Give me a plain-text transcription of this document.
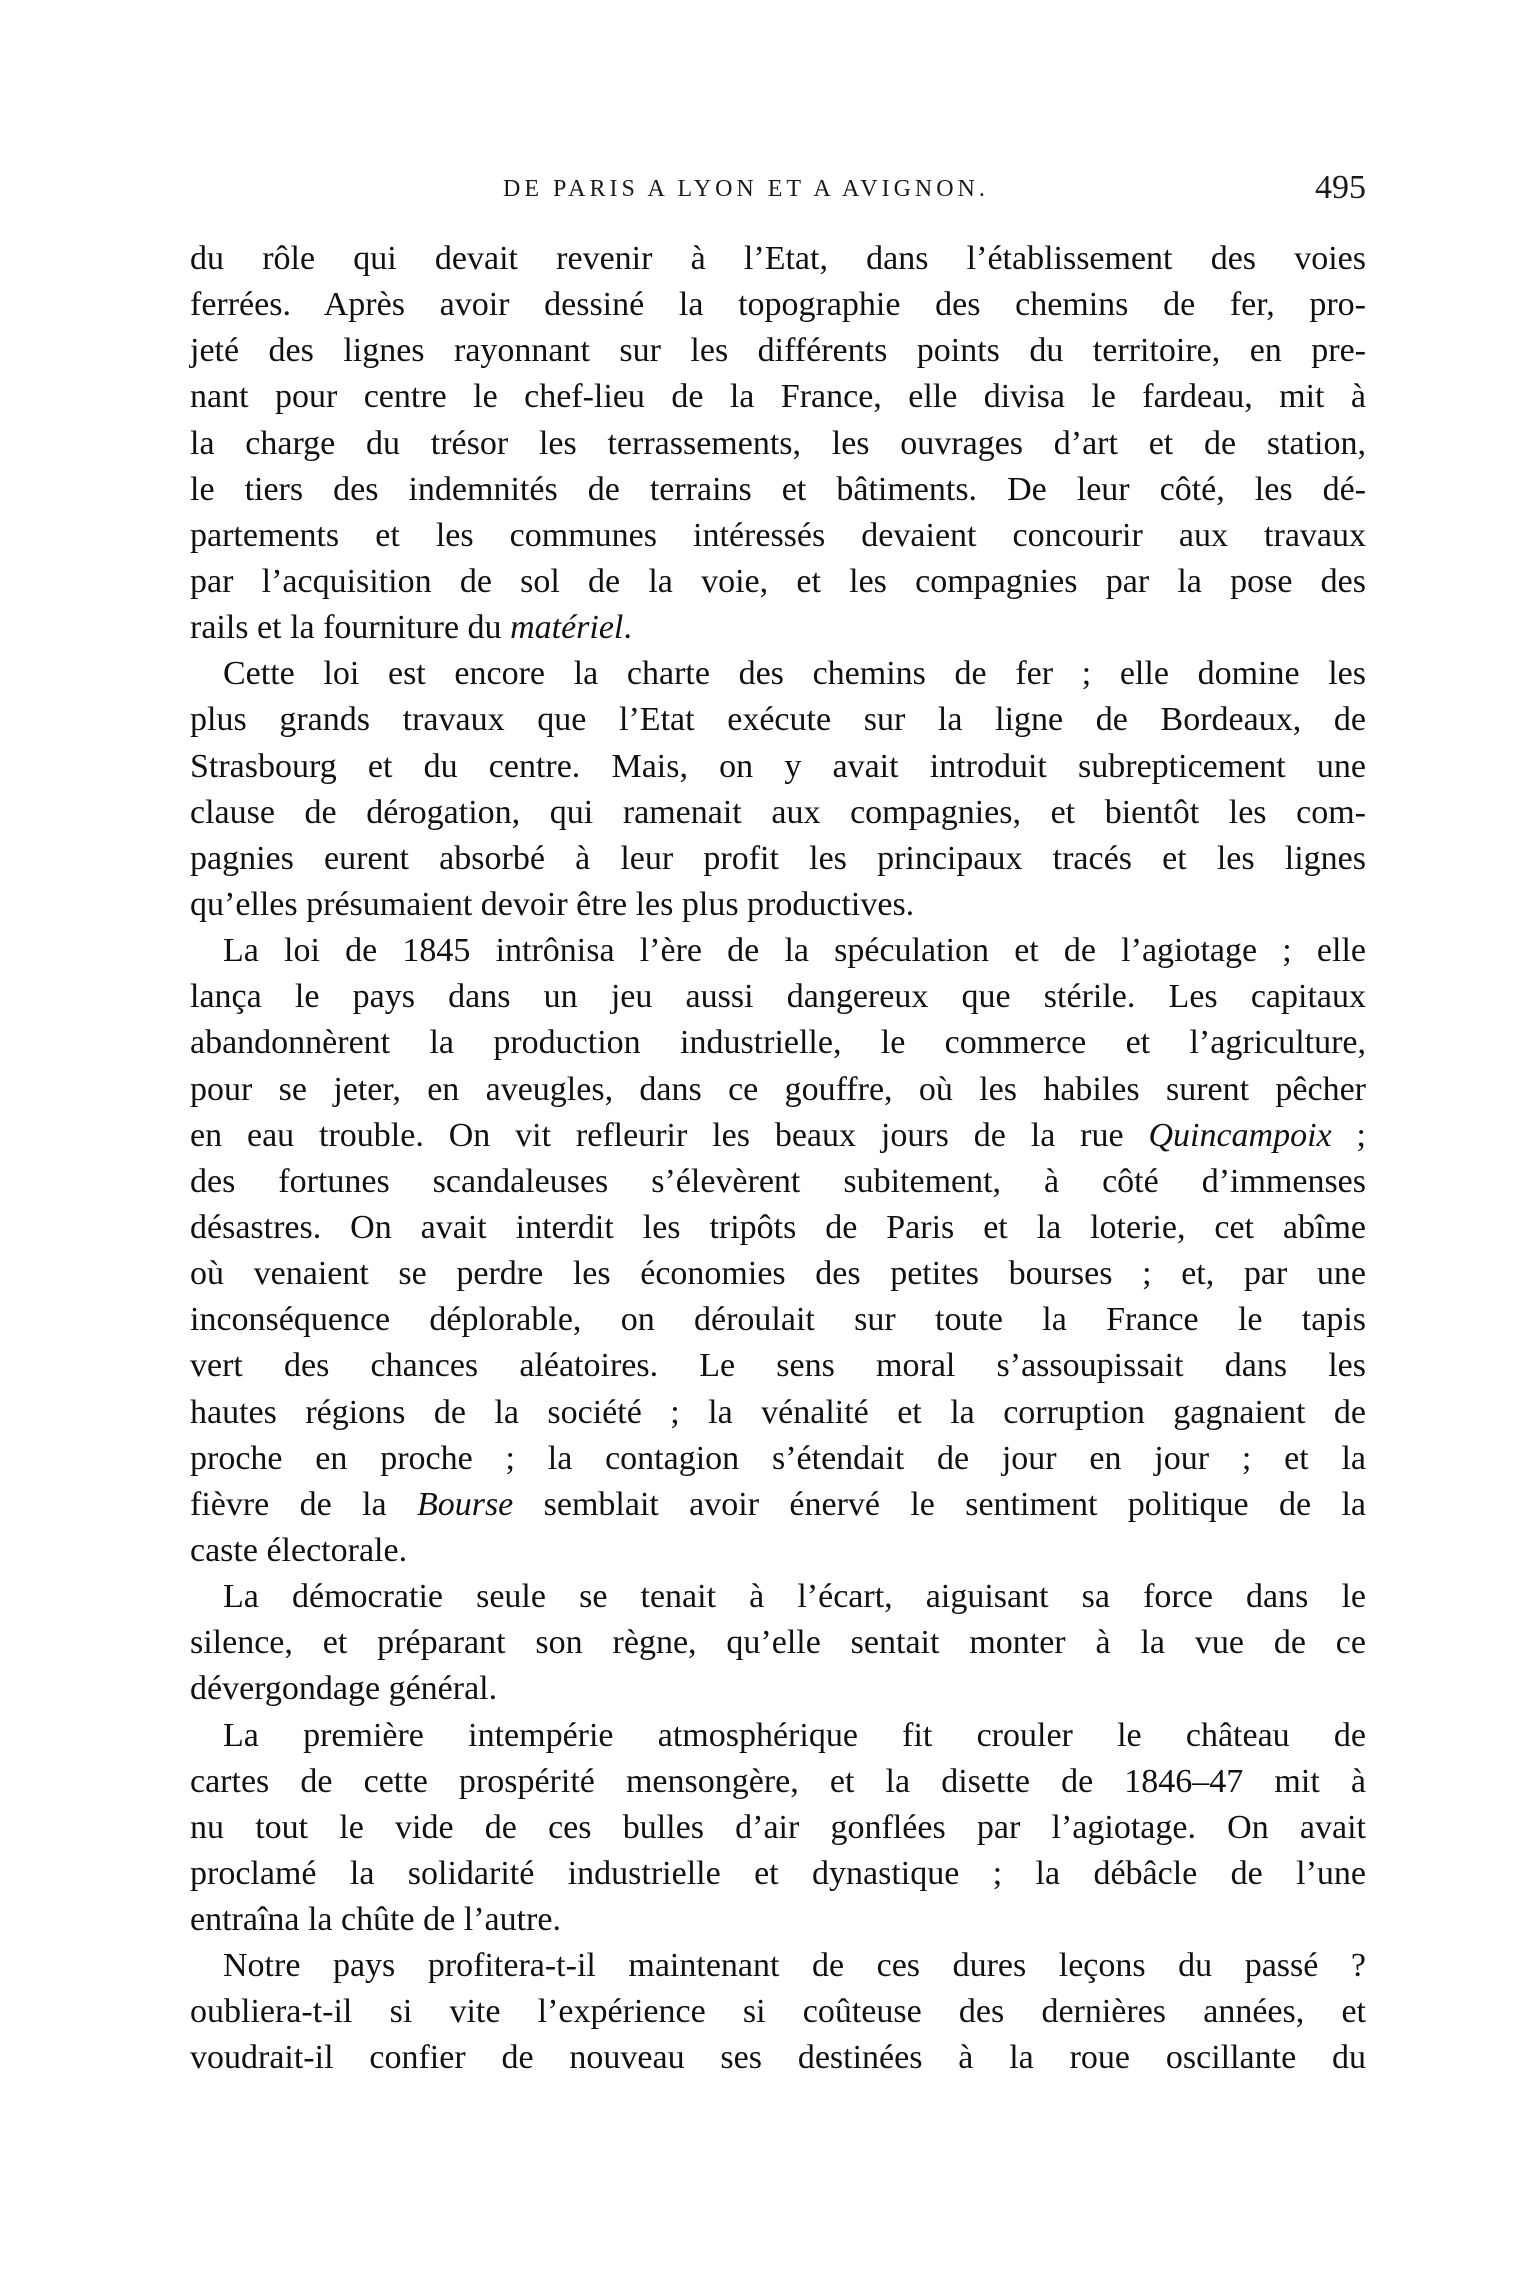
DE PARIS A LYON ET A AVIGNON.	495
du rôle qui devait revenir à l’Etat, dans l’établissement des voies
ferrées. Après avoir dessiné la topographie des chemins de fer, pro-
jeté des lignes rayonnant sur les différents points du territoire, en pre-
nant pour centre le chef-lieu de la France, elle divisa le fardeau, mit à
la charge du trésor les terrassements, les ouvrages d’art et de station,
le tiers des indemnités de terrains et bâtiments. De leur côté, les dé-
partements et les communes intéressés devaient concourir aux travaux
par l’acquisition de sol de la voie, et les compagnies par la pose des
rails et la fourniture du matériel.
Cette loi est encore la charte des chemins de fer ; elle domine les
plus grands travaux que l’Etat exécute sur la ligne de Bordeaux, de
Strasbourg et du centre. Mais, on y avait introduit subrepticement une
clause de dérogation, qui ramenait aux compagnies, et bientôt les com-
pagnies eurent absorbé à leur profit les principaux tracés et les lignes
qu’elles présumaient devoir être les plus productives.
La loi de 1845 intrônisa l’ère de la spéculation et de l’agiotage ; elle
lança le pays dans un jeu aussi dangereux que stérile. Les capitaux
abandonnèrent la production industrielle, le commerce et l’agriculture,
pour se jeter, en aveugles, dans ce gouffre, où les habiles surent pêcher
en eau trouble. On vit refleurir les beaux jours de la rue Quincampoix ;
des fortunes scandaleuses s’élevèrent subitement, à côté d’immenses
désastres. On avait interdit les tripôts de Paris et la loterie, cet abîme
où venaient se perdre les économies des petites bourses ; et, par une
inconséquence déplorable, on déroulait sur toute la France le tapis
vert des chances aléatoires. Le sens moral s’assoupissait dans les
hautes régions de la société ; la vénalité et la corruption gagnaient de
proche en proche ; la contagion s’étendait de jour en jour ; et la
fièvre de la Bourse semblait avoir énervé le sentiment politique de la
caste électorale.
La démocratie seule se tenait à l’écart, aiguisant sa force dans le
silence, et préparant son règne, qu’elle sentait monter à la vue de ce
dévergondage général.
La première intempérie atmosphérique fit crouler le château de
cartes de cette prospérité mensongère, et la disette de 1846–47 mit à
nu tout le vide de ces bulles d’air gonflées par l’agiotage. On avait
proclamé la solidarité industrielle et dynastique ; la débâcle de l’une
entraîna la chûte de l’autre.
Notre pays profitera-t-il maintenant de ces dures leçons du passé ?
oubliera-t-il si vite l’expérience si coûteuse des dernières années, et
voudrait-il confier de nouveau ses destinées à la roue oscillante du
